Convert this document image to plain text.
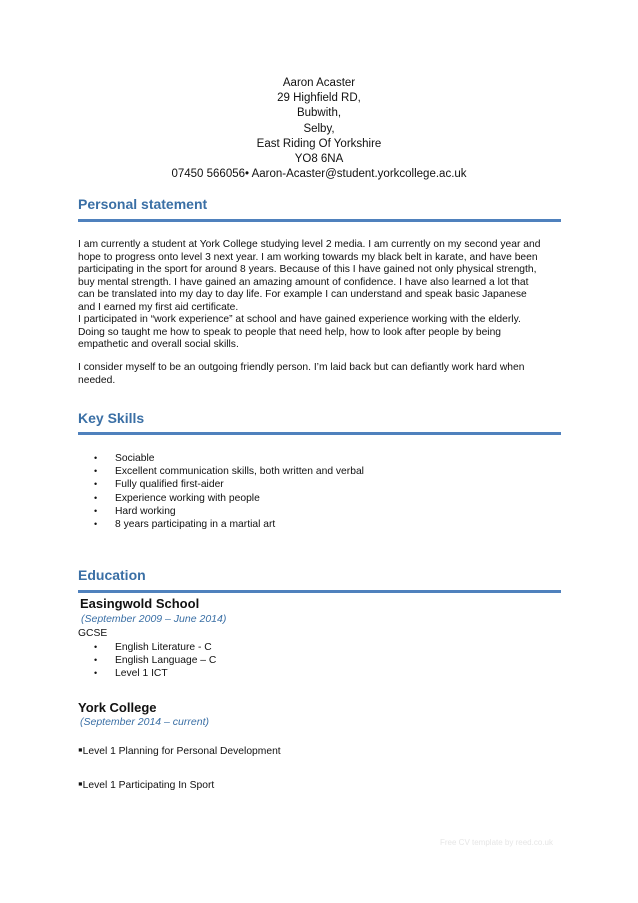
Aaron Acaster
29 Highfield RD,
Bubwith,
Selby,
East Riding Of Yorkshire
YO8 6NA
07450 566056• Aaron-Acaster@student.yorkcollege.ac.uk
Personal statement
I am currently a student at York College studying level 2 media. I am currently on my second year and
hope to progress onto level 3 next year. I am working towards my black belt in karate, and have been
participating in the sport for around 8 years. Because of this I have gained not only physical strength,
buy mental strength. I have gained an amazing amount of confidence. I have also learned a lot that
can be translated into my day to day life. For example I can understand and speak basic Japanese
and I earned my first aid certificate.
I participated in “work experience” at school and have gained experience working with the elderly.
Doing so taught me how to speak to people that need help, how to look after people by being
empathetic and overall social skills.
I consider myself to be an outgoing friendly person. I’m laid back but can defiantly work hard when
needed.
Key Skills
•	Sociable
•	Excellent communication skills, both written and verbal
•	Fully qualified first-aider
•	Experience working with people
•	Hard working
•	8 years participating in a martial art
Education
Easingwold School
(September 2009 – June 2014)
GCSE
•	English Literature - C
•	English Language – C
•	Level 1 ICT
York College
(September 2014 – current)
▪Level 1 Planning for Personal Development
▪Level 1 Participating In Sport
Free CV template by reed.co.uk
